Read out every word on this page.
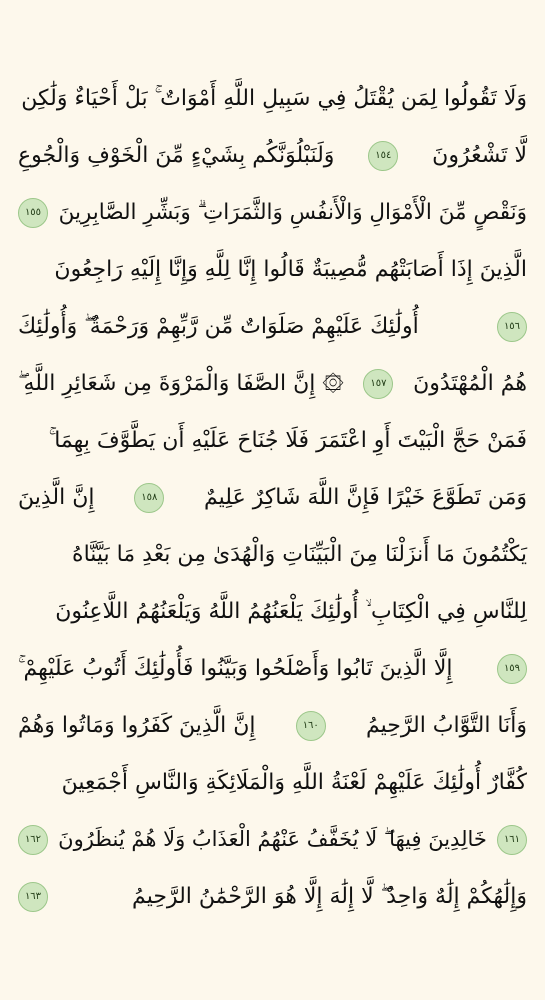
وَلَا تَقُولُوا لِمَن يُقْتَلُ فِي سَبِيلِ اللَّهِ أَمْوَاتٌ ۚ بَلْ أَحْيَاءٌ وَلَٰكِن
لَّا تَشْعُرُونَ
١٥٤
وَلَنَبْلُوَنَّكُم بِشَيْءٍ مِّنَ الْخَوْفِ وَالْجُوعِ
وَنَقْصٍ مِّنَ الْأَمْوَالِ وَالْأَنفُسِ وَالثَّمَرَاتِ ۗ وَبَشِّرِ الصَّابِرِينَ
١٥٥
الَّذِينَ إِذَا أَصَابَتْهُم مُّصِيبَةٌ قَالُوا إِنَّا لِلَّهِ وَإِنَّا إِلَيْهِ رَاجِعُونَ
١٥٦
أُولَٰئِكَ عَلَيْهِمْ صَلَوَاتٌ مِّن رَّبِّهِمْ وَرَحْمَةٌ ۖ وَأُولَٰئِكَ
هُمُ الْمُهْتَدُونَ
١٥٧
۞ إِنَّ الصَّفَا وَالْمَرْوَةَ مِن شَعَائِرِ اللَّهِ ۖ
فَمَنْ حَجَّ الْبَيْتَ أَوِ اعْتَمَرَ فَلَا جُنَاحَ عَلَيْهِ أَن يَطَّوَّفَ بِهِمَا ۚ
وَمَن تَطَوَّعَ خَيْرًا فَإِنَّ اللَّهَ شَاكِرٌ عَلِيمٌ
١٥٨
إِنَّ الَّذِينَ
يَكْتُمُونَ مَا أَنزَلْنَا مِنَ الْبَيِّنَاتِ وَالْهُدَىٰ مِن بَعْدِ مَا بَيَّنَّاهُ
لِلنَّاسِ فِي الْكِتَابِ ۙ أُولَٰئِكَ يَلْعَنُهُمُ اللَّهُ وَيَلْعَنُهُمُ اللَّاعِنُونَ
١٥٩
إِلَّا الَّذِينَ تَابُوا وَأَصْلَحُوا وَبَيَّنُوا فَأُولَٰئِكَ أَتُوبُ عَلَيْهِمْ ۚ
وَأَنَا التَّوَّابُ الرَّحِيمُ
١٦٠
إِنَّ الَّذِينَ كَفَرُوا وَمَاتُوا وَهُمْ
كُفَّارٌ أُولَٰئِكَ عَلَيْهِمْ لَعْنَةُ اللَّهِ وَالْمَلَائِكَةِ وَالنَّاسِ أَجْمَعِينَ
١٦١
خَالِدِينَ فِيهَا ۖ لَا يُخَفَّفُ عَنْهُمُ الْعَذَابُ وَلَا هُمْ يُنظَرُونَ
١٦٢
وَإِلَٰهُكُمْ إِلَٰهٌ وَاحِدٌ ۖ لَّا إِلَٰهَ إِلَّا هُوَ الرَّحْمَٰنُ الرَّحِيمُ
١٦٣
